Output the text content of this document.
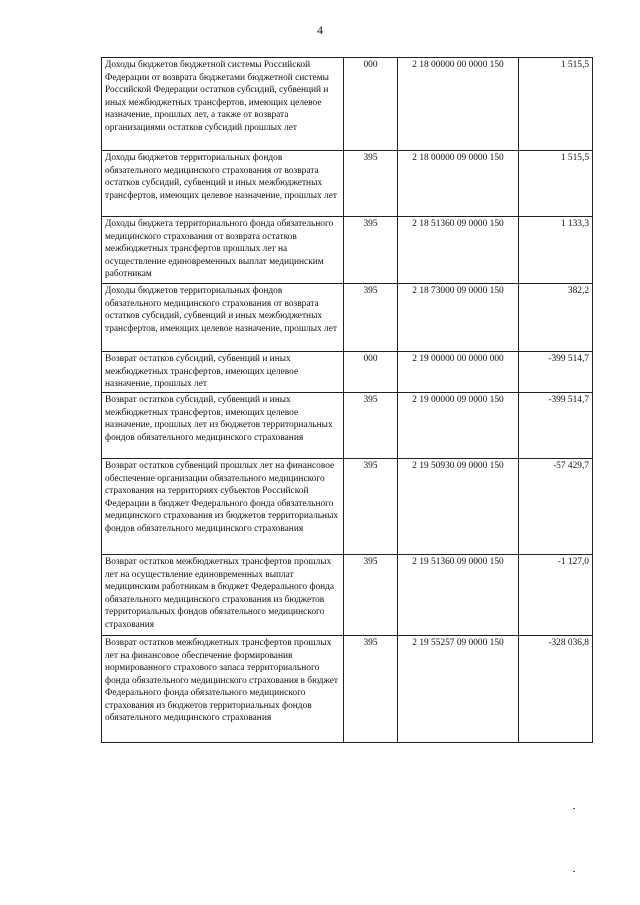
4
Доходы бюджетов бюджетной системы Российской Федерации от возврата бюджетами бюджетной системы Российской Федерации остатков субсидий, субвенций и иных межбюджетных трансфертов, имеющих целевое назначение, прошлых лет, а также от возврата организациями остатков субсидий прошлых лет	000	2 18 00000 00 0000 150	1 515,5
Доходы бюджетов территориальных фондов обязательного медицинского страхования от возврата остатков субсидий, субвенций и иных межбюджетных трансфертов, имеющих целевое назначение, прошлых лет	395	2 18 00000 09 0000 150	1 515,5
Доходы бюджета территориального фонда обязательного медицинского страхования от возврата остатков межбюджетных трансфертов прошлых лет на осуществление единовременных выплат медицинским работникам	395	2 18 51360 09 0000 150	1 133,3
Доходы бюджетов территориальных фондов обязательного медицинского страхования от возврата остатков субсидий, субвенций и иных межбюджетных трансфертов, имеющих целевое назначение, прошлых лет	395	2 18 73000 09 0000 150	382,2
Возврат остатков субсидий, субвенций и иных межбюджетных трансфертов, имеющих целевое назначение, прошлых лет	000	2 19 00000 00 0000 000	-399 514,7
Возврат остатков субсидий, субвенций и иных межбюджетных трансфертов, имеющих целевое назначение, прошлых лет из бюджетов территориальных фондов обязательного медицинского страхования	395	2 19 00000 09 0000 150	-399 514,7
Возврат остатков субвенций прошлых лет на финансовое обеспечение организации обязательного медицинского страхования на территориях субъектов Российской Федерации в бюджет Федерального фонда обязательного медицинского страхования из бюджетов территориальных фондов обязательного медицинского страхования	395	2 19 50930 09 0000 150	-57 429,7
Возврат остатков межбюджетных трансфертов прошлых лет на осуществление единовременных выплат медицинским работникам в бюджет Федерального фонда обязательного медицинского страхования из бюджетов территориальных фондов обязательного медицинского страхования	395	2 19 51360 09 0000 150	-1 127,0
Возврат остатков межбюджетных трансфертов прошлых лет на финансовое обеспечение формирования нормированного страхового запаса территориального фонда обязательного медицинского страхования в бюджет Федерального фонда обязательного медицинского страхования из бюджетов территориальных фондов обязательного медицинского страхования	395	2 19 55257 09 0000 150	-328 036,8
